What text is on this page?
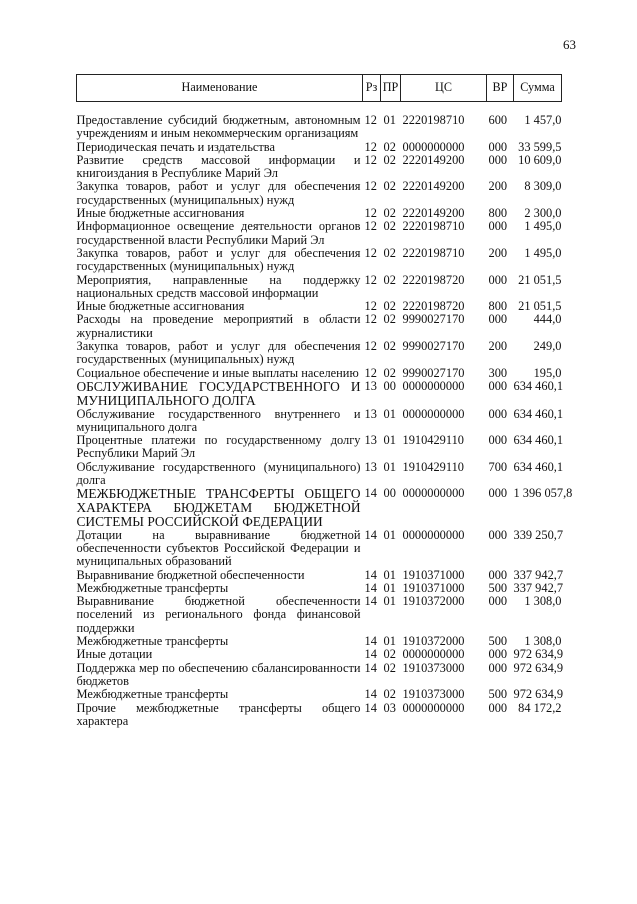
63
Наименование	Рз	ПР	ЦС	ВР	Сумма
Предоставление субсидий бюджетным, автономным учреждениям и иным некоммерческим организациям	12	01	2220198710	600	1 457,0
Периодическая печать и издательства	12	02	0000000000	000	33 599,5
Развитие средств массовой информации и книгоиздания в Республике Марий Эл	12	02	2220149200	000	10 609,0
Закупка товаров, работ и услуг для обеспечения государственных (муниципальных) нужд	12	02	2220149200	200	8 309,0
Иные бюджетные ассигнования	12	02	2220149200	800	2 300,0
Информационное освещение деятельности органов государственной власти Республики Марий Эл	12	02	2220198710	000	1 495,0
Закупка товаров, работ и услуг для обеспечения государственных (муниципальных) нужд	12	02	2220198710	200	1 495,0
Мероприятия, направленные на поддержку национальных средств массовой информации	12	02	2220198720	000	21 051,5
Иные бюджетные ассигнования	12	02	2220198720	800	21 051,5
Расходы на проведение мероприятий в области журналистики	12	02	9990027170	000	444,0
Закупка товаров, работ и услуг для обеспечения государственных (муниципальных) нужд	12	02	9990027170	200	249,0
Социальное обеспечение и иные выплаты населению	12	02	9990027170	300	195,0
ОБСЛУЖИВАНИЕ ГОСУДАРСТВЕННОГО И МУНИЦИПАЛЬНОГО ДОЛГА	13	00	0000000000	000	634 460,1
Обслуживание государственного внутреннего и муниципального долга	13	01	0000000000	000	634 460,1
Процентные платежи по государственному долгу Республики Марий Эл	13	01	1910429110	000	634 460,1
Обслуживание государственного (муниципального) долга	13	01	1910429110	700	634 460,1
МЕЖБЮДЖЕТНЫЕ ТРАНСФЕРТЫ ОБЩЕГО ХАРАКТЕРА БЮДЖЕТАМ БЮДЖЕТНОЙ СИСТЕМЫ РОССИЙСКОЙ ФЕДЕРАЦИИ	14	00	0000000000	000	1 396 057,8
Дотации на выравнивание бюджетной обеспеченности субъектов Российской Федерации и муниципальных образований	14	01	0000000000	000	339 250,7
Выравнивание бюджетной обеспеченности	14	01	1910371000	000	337 942,7
Межбюджетные трансферты	14	01	1910371000	500	337 942,7
Выравнивание бюджетной обеспеченности поселений из регионального фонда финансовой поддержки	14	01	1910372000	000	1 308,0
Межбюджетные трансферты	14	01	1910372000	500	1 308,0
Иные дотации	14	02	0000000000	000	972 634,9
Поддержка мер по обеспечению сбалансированности бюджетов	14	02	1910373000	000	972 634,9
Межбюджетные трансферты	14	02	1910373000	500	972 634,9
Прочие межбюджетные трансферты общего характера	14	03	0000000000	000	84 172,2
